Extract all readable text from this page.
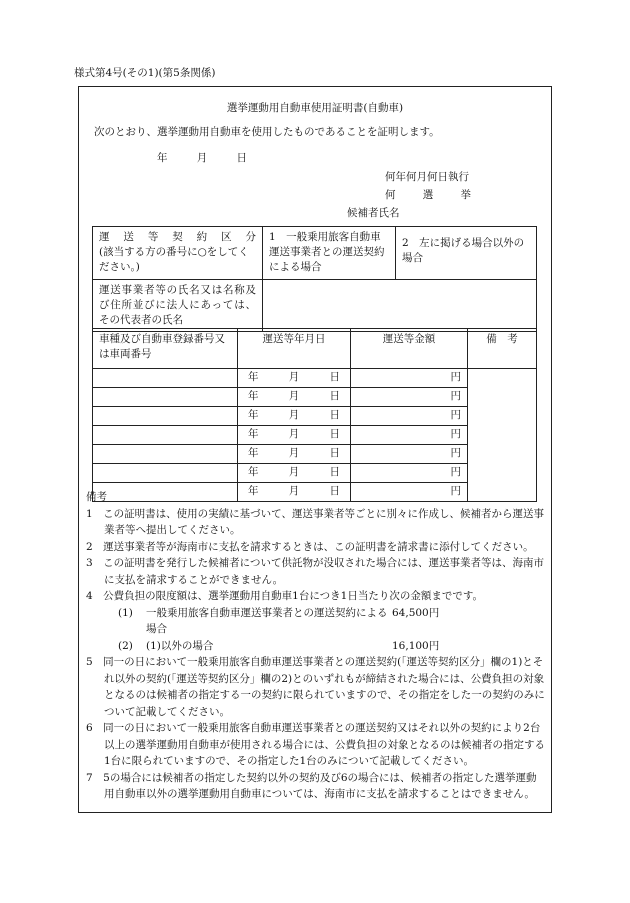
様式第4号(その1)(第5条関係)
選挙運動用自動車使用証明書(自動車)
次のとおり、選挙運動用自動車を使用したものであることを証明します。
年	月	日
何年何月何日執行
何	選	挙
候補者氏名
運送等契約区分
(該当する方の番号に○をしてください。)	1　一般乗用旅客自動車運送事業者との運送契約による場合	2　左に掲げる場合以外の場合

運送事業者等の氏名又は名称及び住所並びに法人にあっては、その代表者の氏名		

車種及び自動車登録番号又は車両番号	運送等年月日	運送等金額	備　考

	年 月 日	円	

	年 月 日	円	

	年 月 日	円	

	年 月 日	円	

	年 月 日	円	

	年 月 日	円	

	年 月 日	円	
備考
1　この証明書は、使用の実績に基づいて、運送事業者等ごとに別々に作成し、候補者から運送事業者等へ提出してください。
2　運送事業者等が海南市に支払を請求するときは、この証明書を請求書に添付してください。
3　この証明書を発行した候補者について供託物が没収された場合には、運送事業者等は、海南市に支払を請求することができません。
4　公費負担の限度額は、選挙運動用自動車1台につき1日当たり次の金額までです。
(1)	一般乗用旅客自動車運送事業者との運送契約による場合
64,500円
(2)	(1)以外の場合	16,100円
5　同一の日において一般乗用旅客自動車運送事業者との運送契約(「運送等契約区分」欄の1)とそれ以外の契約(「運送等契約区分」欄の2)とのいずれもが締結された場合には、公費負担の対象となるのは候補者の指定する一の契約に限られていますので、その指定をした一の契約のみについて記載してください。
6　同一の日において一般乗用旅客自動車運送事業者との運送契約又はそれ以外の契約により2台以上の選挙運動用自動車が使用される場合には、公費負担の対象となるのは候補者の指定する1台に限られていますので、その指定した1台のみについて記載してください。
7　5の場合には候補者の指定した契約以外の契約及び6の場合には、候補者の指定した選挙運動用自動車以外の選挙運動用自動車については、海南市に支払を請求することはできません。
